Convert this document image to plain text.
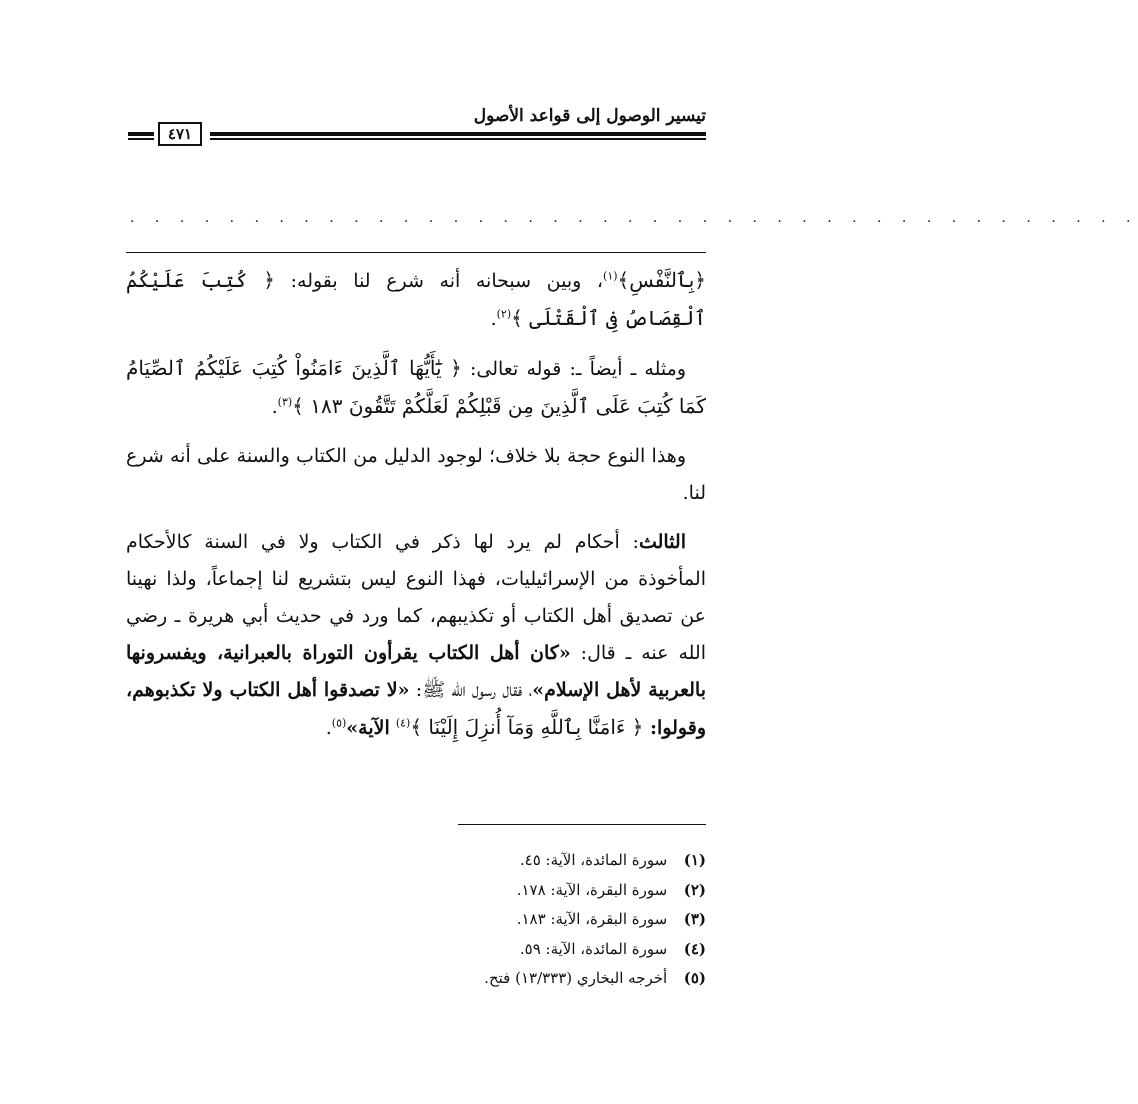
تيسير الوصول إلى قواعد الأصول
٤٧١
. . . . . . . . . . . . . . . . . . . . . . . . . . . . . . . . . . . . . . . . .

﴿بِٱلنَّفْسِ﴾$^{(١)}$، وبين سبحانه أنه شرع لنا بقوله: ﴿ كُتِبَ عَلَيْكُمُ ٱلْقِصَاصُ فِى ٱلْقَتْلَى ﴾$^{(٢)}$.

ومثله ـ أيضاً ـ: قوله تعالى: ﴿ يَٰٓأَيُّهَا ٱلَّذِينَ ءَامَنُواْ كُتِبَ عَلَيْكُمُ ٱلصِّيَامُ كَمَا كُتِبَ عَلَى ٱلَّذِينَ مِن قَبْلِكُمْ لَعَلَّكُمْ تَتَّقُونَ ١٨٣ ﴾$^{(٣)}$.

وهذا النوع حجة بلا خلاف؛ لوجود الدليل من الكتاب والسنة على أنه شرع لنا.

الثالث: أحكام لم يرد لها ذكر في الكتاب ولا في السنة كالأحكام المأخوذة من الإسرائيليات، فهذا النوع ليس بتشريع لنا إجماعاً، ولذا نهينا عن تصديق أهل الكتاب أو تكذيبهم، كما ورد في حديث أبي هريرة ـ رضي الله عنه ـ قال: «كان أهل الكتاب يقرأون التوراة بالعبرانية، ويفسرونها بالعربية لأهل الإسلام»، فقال رسول الله ﷺ: «لا تصدقوا أهل الكتاب ولا تكذبوهم، وقولوا: ﴿ ءَامَنَّا بِٱللَّهِ وَمَآ أُنزِلَ إِلَيْنَا ﴾$^{(٤)}$ الآية»$^{(٥)}$.

(١) سورة المائدة، الآية: ٤٥.
(٢) سورة البقرة، الآية: ١٧٨.
(٣) سورة البقرة، الآية: ١٨٣.
(٤) سورة المائدة، الآية: ٥٩.
(٥) أخرجه البخاري (١٣/٣٣٣) فتح.
